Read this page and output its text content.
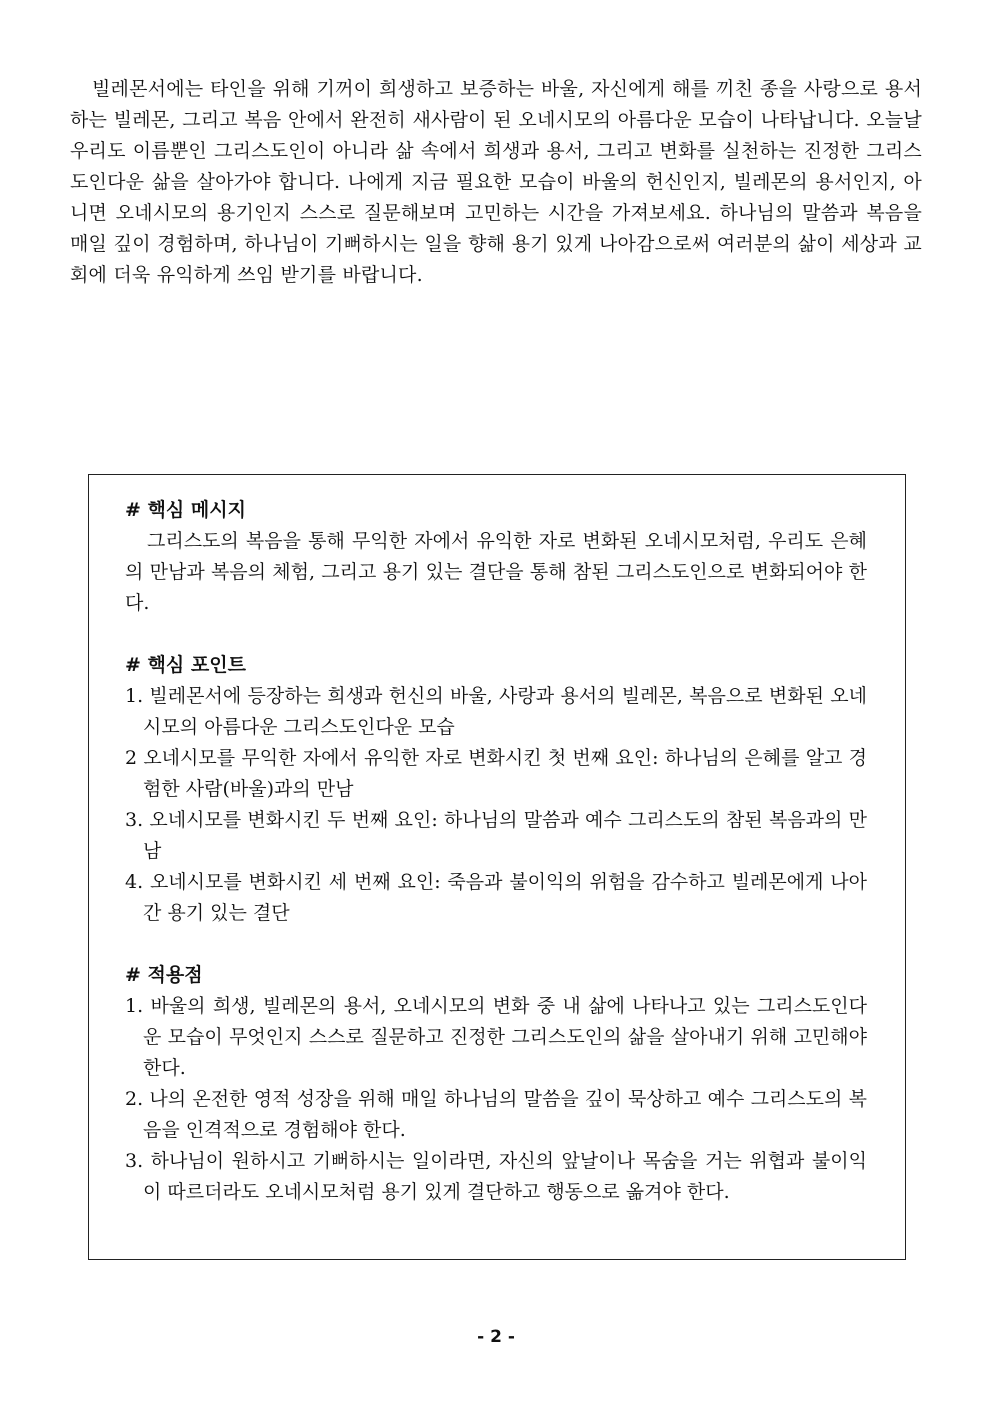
빌레몬서에는 타인을 위해 기꺼이 희생하고 보증하는 바울, 자신에게 해를 끼친 종을 사랑으로 용서하는 빌레몬, 그리고 복음 안에서 완전히 새사람이 된 오네시모의 아름다운 모습이 나타납니다. 오늘날 우리도 이름뿐인 그리스도인이 아니라 삶 속에서 희생과 용서, 그리고 변화를 실천하는 진정한 그리스도인다운 삶을 살아가야 합니다. 나에게 지금 필요한 모습이 바울의 헌신인지, 빌레몬의 용서인지, 아니면 오네시모의 용기인지 스스로 질문해보며 고민하는 시간을 가져보세요. 하나님의 말씀과 복음을 매일 깊이 경험하며, 하나님이 기뻐하시는 일을 향해 용기 있게 나아감으로써 여러분의 삶이 세상과 교회에 더욱 유익하게 쓰임 받기를 바랍니다.

# 핵심 메시지

그리스도의 복음을 통해 무익한 자에서 유익한 자로 변화된 오네시모처럼, 우리도 은혜의 만남과 복음의 체험, 그리고 용기 있는 결단을 통해 참된 그리스도인으로 변화되어야 한다.

# 핵심 포인트

1. 빌레몬서에 등장하는 희생과 헌신의 바울, 사랑과 용서의 빌레몬, 복음으로 변화된 오네시모의 아름다운 그리스도인다운 모습
2 오네시모를 무익한 자에서 유익한 자로 변화시킨 첫 번째 요인: 하나님의 은혜를 알고 경험한 사람(바울)과의 만남
3. 오네시모를 변화시킨 두 번째 요인: 하나님의 말씀과 예수 그리스도의 참된 복음과의 만남
4. 오네시모를 변화시킨 세 번째 요인: 죽음과 불이익의 위험을 감수하고 빌레몬에게 나아간 용기 있는 결단

# 적용점

1. 바울의 희생, 빌레몬의 용서, 오네시모의 변화 중 내 삶에 나타나고 있는 그리스도인다운 모습이 무엇인지 스스로 질문하고 진정한 그리스도인의 삶을 살아내기 위해 고민해야 한다.
2. 나의 온전한 영적 성장을 위해 매일 하나님의 말씀을 깊이 묵상하고 예수 그리스도의 복음을 인격적으로 경험해야 한다.
3. 하나님이 원하시고 기뻐하시는 일이라면, 자신의 앞날이나 목숨을 거는 위협과 불이익이 따르더라도 오네시모처럼 용기 있게 결단하고 행동으로 옮겨야 한다.
- 2 -
